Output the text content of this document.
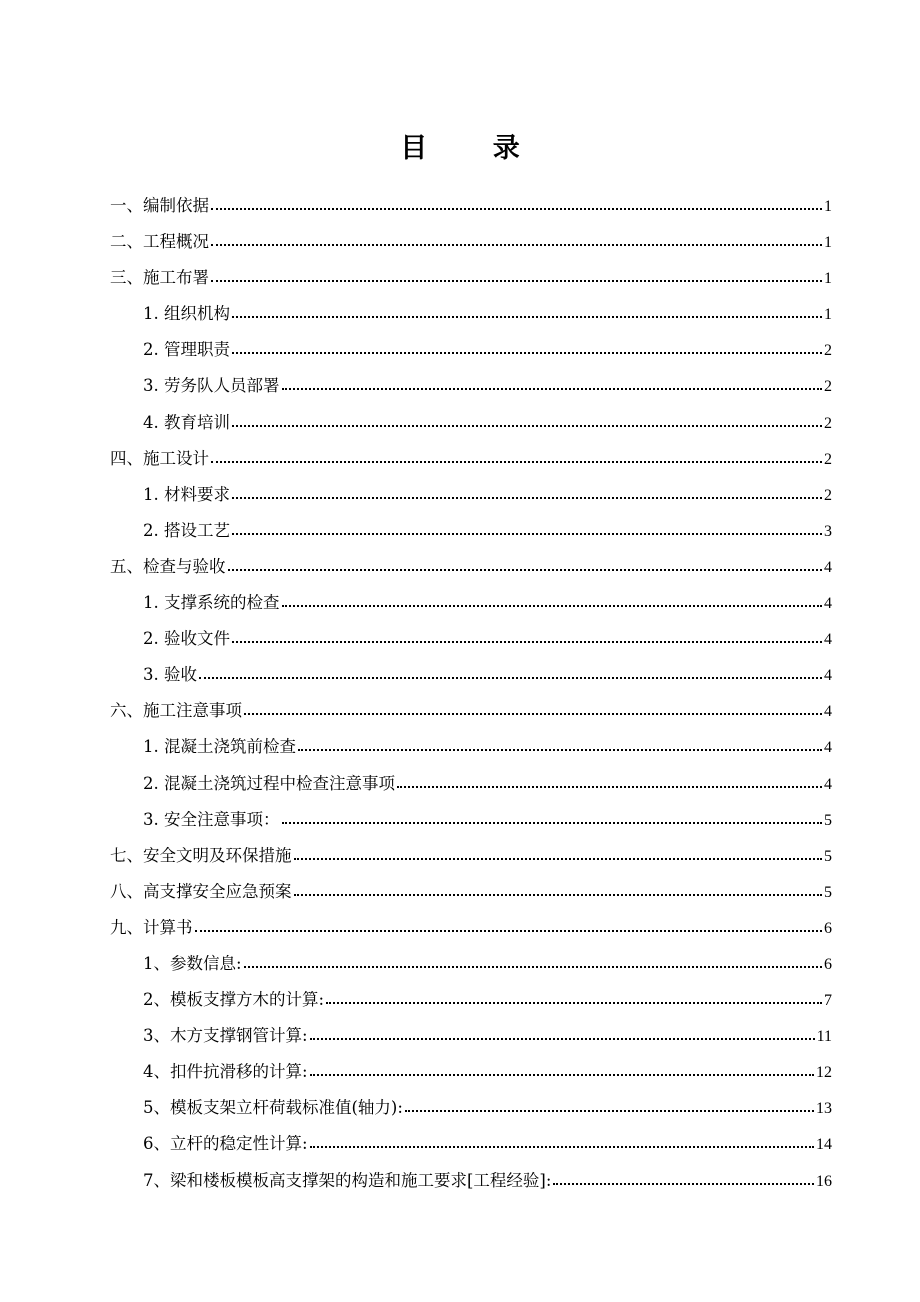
目 录
一、编制依据	1
二、工程概况	1
三、施工布署	1
1. 组织机构	1
2. 管理职责	2
3. 劳务队人员部署	2
4. 教育培训	2
四、施工设计	2
1. 材料要求	2
2. 搭设工艺	3
五、检查与验收	4
1. 支撑系统的检查	4
2. 验收文件	4
3. 验收	4
六、施工注意事项	4
1. 混凝土浇筑前检查	4
2. 混凝土浇筑过程中检查注意事项	4
3. 安全注意事项：	5
七、安全文明及环保措施	5
八、高支撑安全应急预案	5
九、计算书	6
1、参数信息:	6
2、模板支撑方木的计算:	7
3、木方支撑钢管计算:	11
4、扣件抗滑移的计算:	12
5、模板支架立杆荷载标准值(轴力):	13
6、立杆的稳定性计算:	14
7、梁和楼板模板高支撑架的构造和施工要求[工程经验]:	16
